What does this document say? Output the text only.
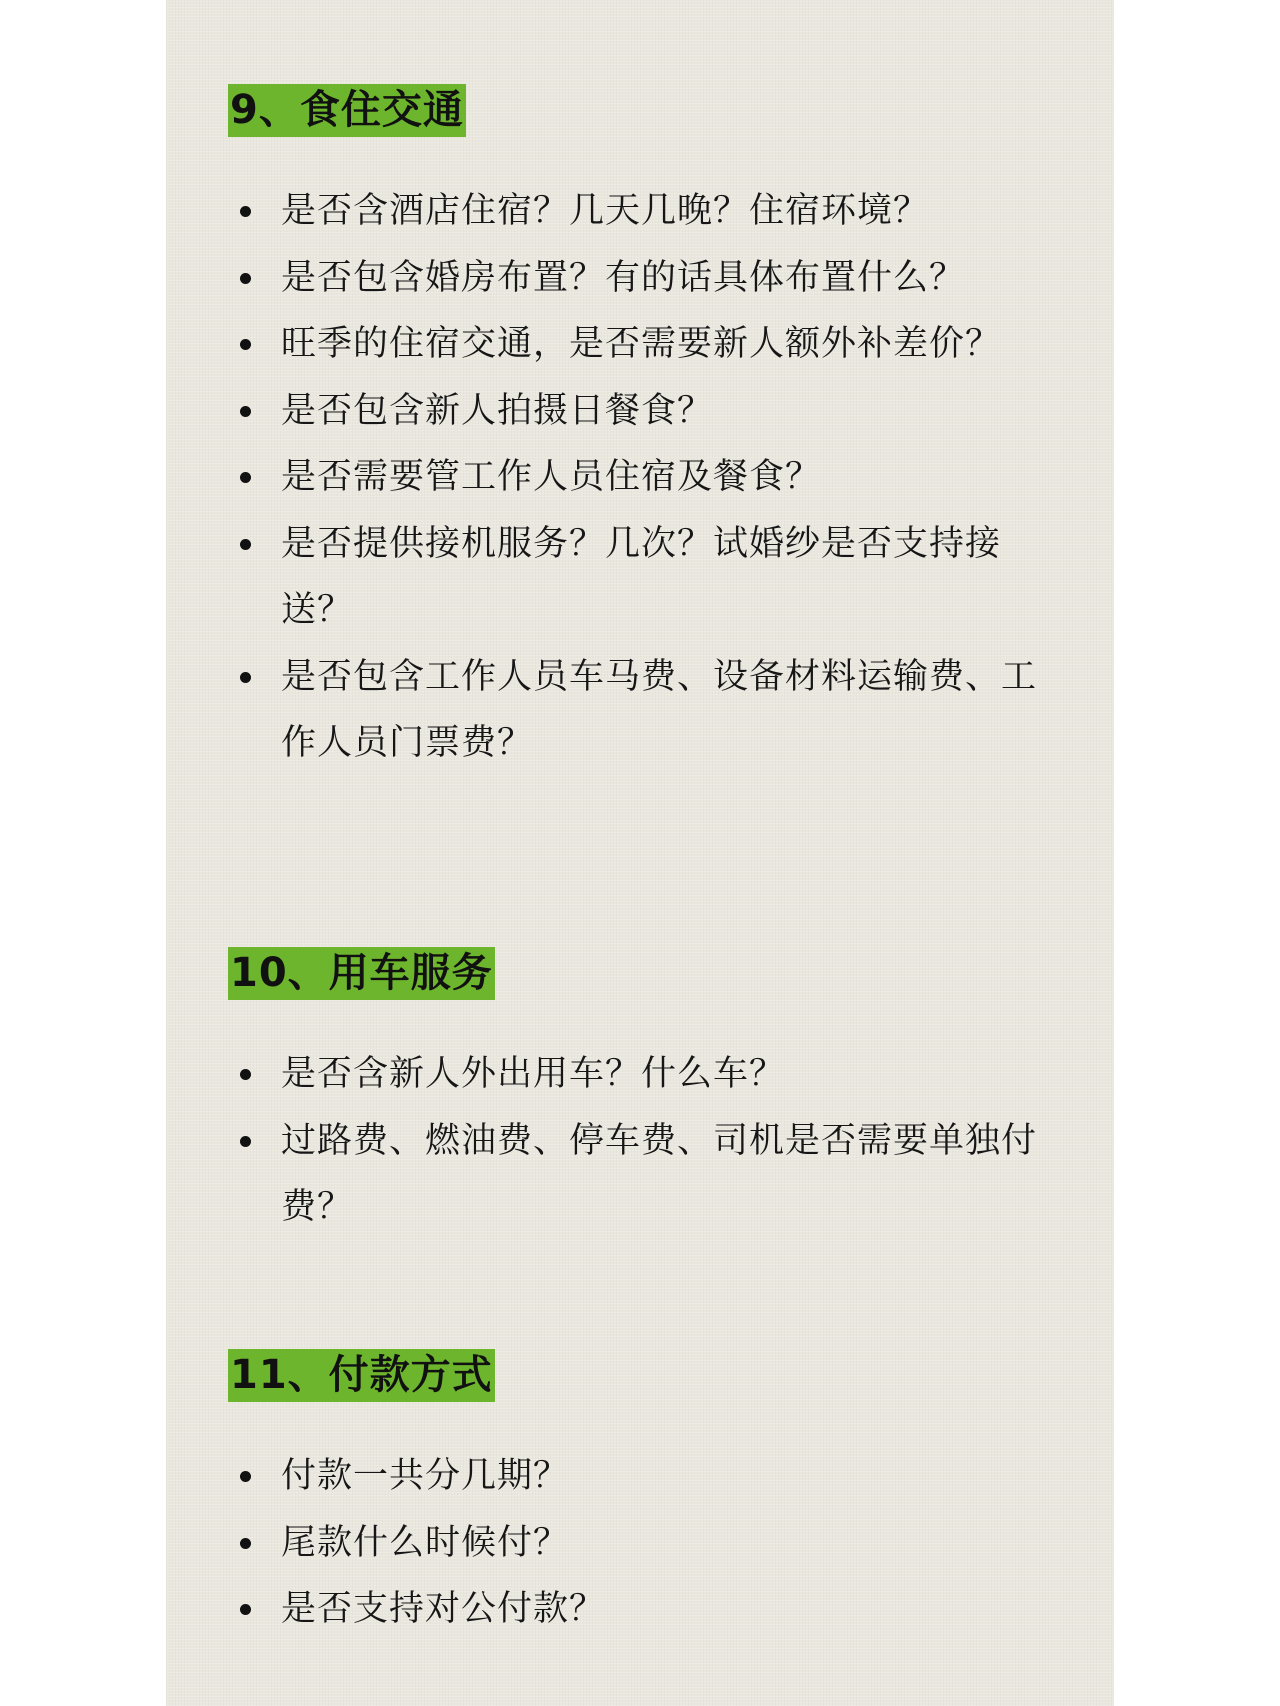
9、食住交通
是否含酒店住宿？几天几晚？住宿环境？
是否包含婚房布置？有的话具体布置什么？
旺季的住宿交通，是否需要新人额外补差价？
是否包含新人拍摄日餐食？
是否需要管工作人员住宿及餐食？
是否提供接机服务？几次？试婚纱是否支持接送？
是否包含工作人员车马费、设备材料运输费、工作人员门票费？
10、用车服务
是否含新人外出用车？什么车？
过路费、燃油费、停车费、司机是否需要单独付费？
11、付款方式
付款一共分几期？
尾款什么时候付？
是否支持对公付款？
